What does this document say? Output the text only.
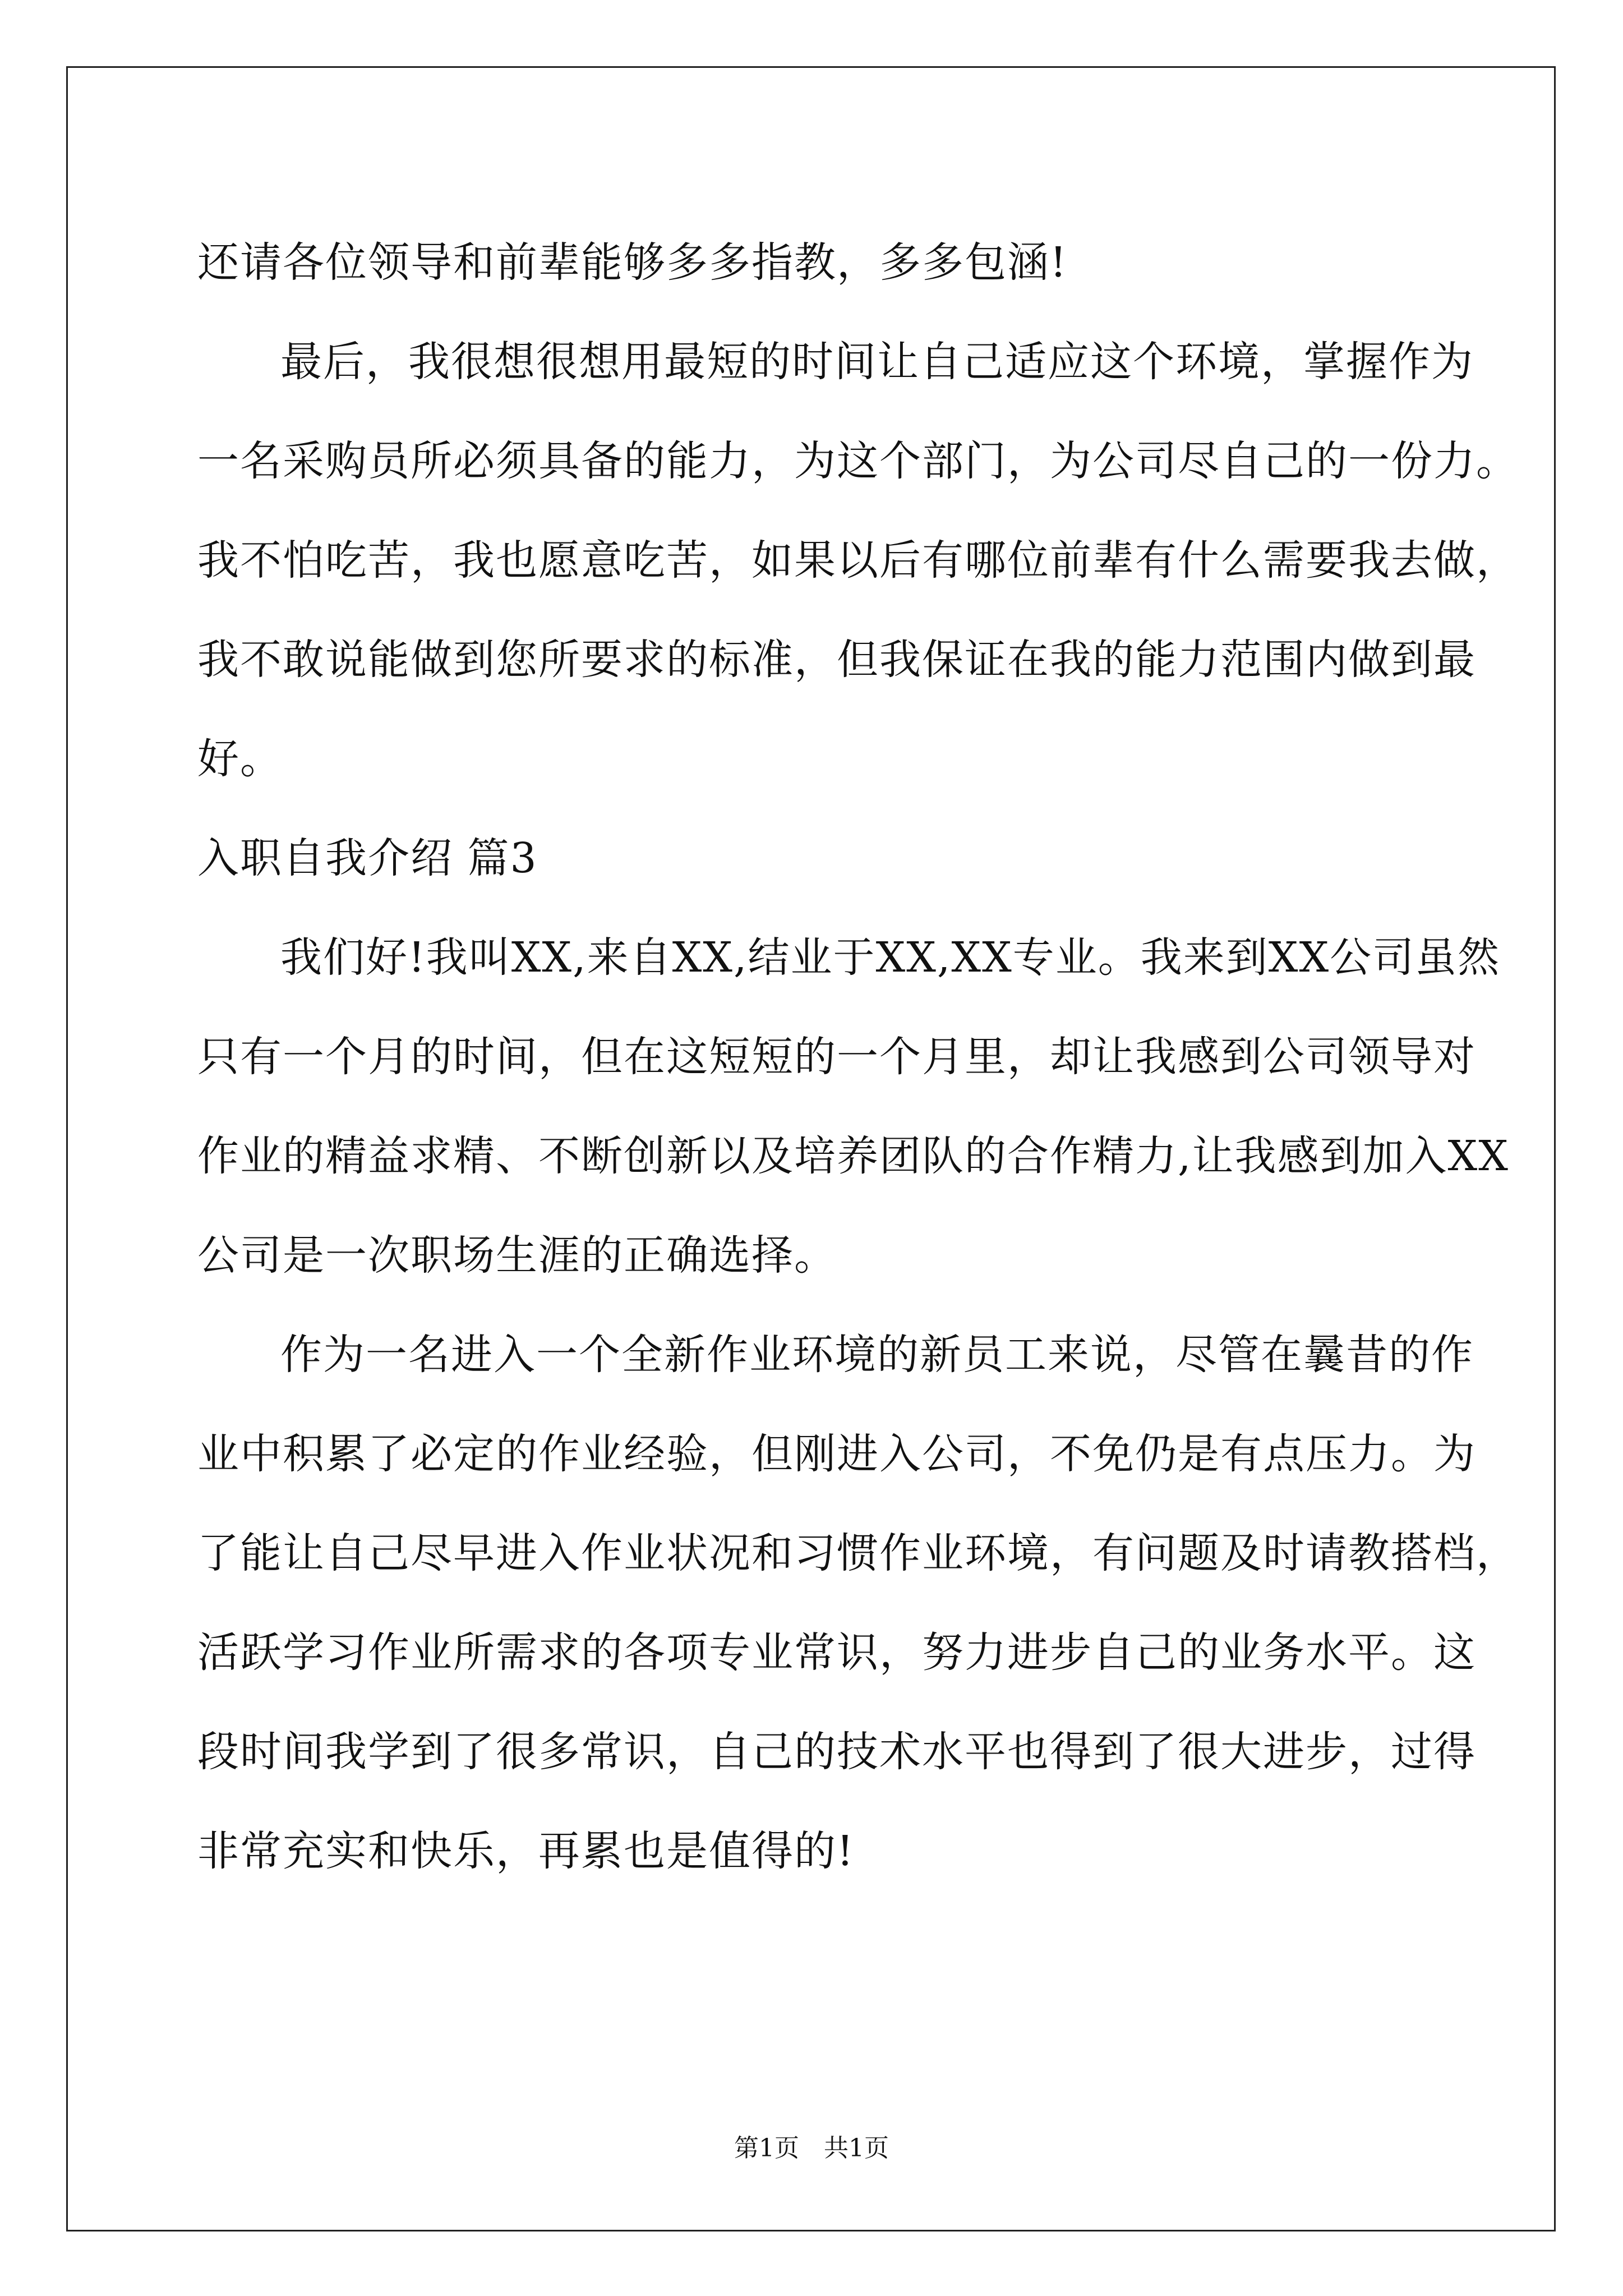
还请各位领导和前辈能够多多指教，多多包涵!
最后，我很想很想用最短的时间让自己适应这个环境，掌握作为
一名采购员所必须具备的能力，为这个部门，为公司尽自己的一份力。
我不怕吃苦，我也愿意吃苦，如果以后有哪位前辈有什么需要我去做，
我不敢说能做到您所要求的标准，但我保证在我的能力范围内做到最
好。
入职自我介绍 篇3
我们好!我叫XX,来自XX,结业于XX,XX专业。我来到XX公司虽然
只有一个月的时间，但在这短短的一个月里，却让我感到公司领导对
作业的精益求精、不断创新以及培养团队的合作精力,让我感到加入XX
公司是一次职场生涯的正确选择。
作为一名进入一个全新作业环境的新员工来说，尽管在曩昔的作
业中积累了必定的作业经验，但刚进入公司，不免仍是有点压力。为
了能让自己尽早进入作业状况和习惯作业环境，有问题及时请教搭档，
活跃学习作业所需求的各项专业常识，努力进步自己的业务水平。这
段时间我学到了很多常识，自己的技术水平也得到了很大进步，过得
非常充实和快乐，再累也是值得的!
第1页　共1页
